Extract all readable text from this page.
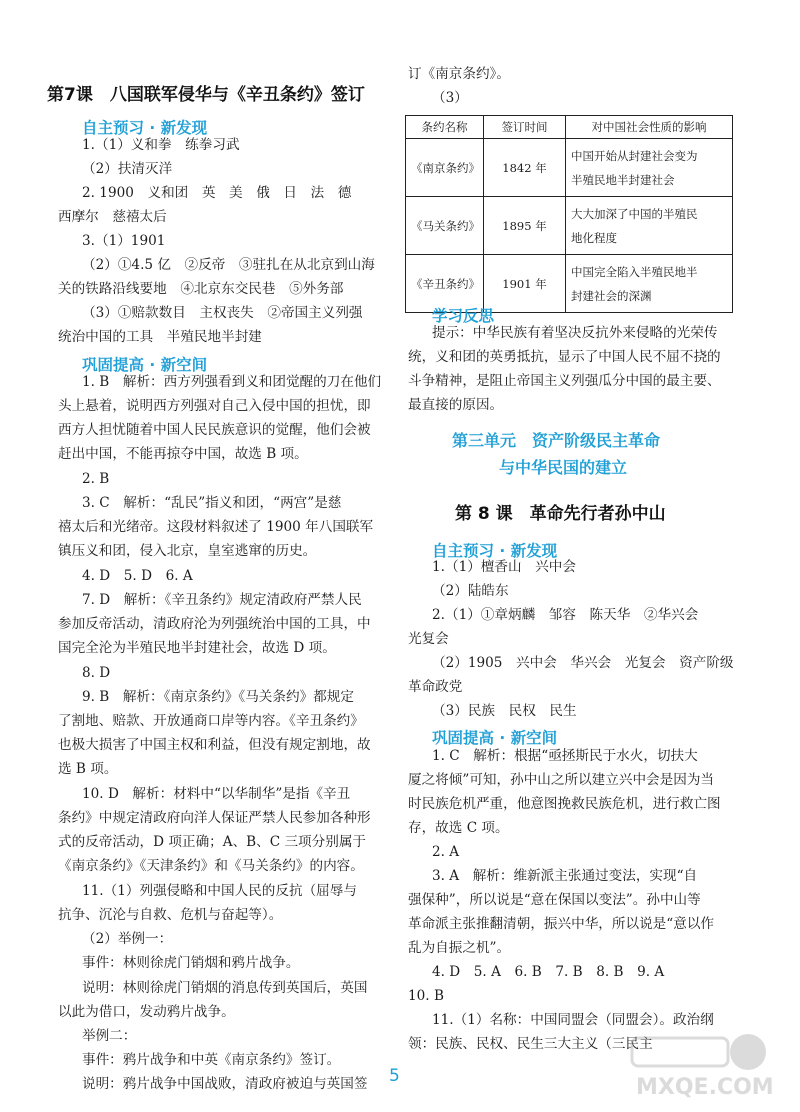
第7课　八国联军侵华与《辛丑条约》签订
自主预习 · 新发现
1.（1）义和拳　练拳习武
（2）扶清灭洋
2. 1900　义和团　英　美　俄　日　法　德
西摩尔　慈禧太后
3.（1）1901
（2）①4.5 亿　②反帝　③驻扎在从北京到山海
关的铁路沿线要地　④北京东交民巷　⑤外务部
（3）①赔款数目　主权丧失　②帝国主义列强
统治中国的工具　半殖民地半封建
巩固提高 · 新空间
1. B　解析：西方列强看到义和团觉醒的刀在他们
头上悬着，说明西方列强对自己入侵中国的担忧，即
西方人担忧随着中国人民民族意识的觉醒，他们会被
赶出中国，不能再掠夺中国，故选 B 项。
2. B
3. C　解析：“乱民”指义和团，“两宫”是慈
禧太后和光绪帝。这段材料叙述了 1900 年八国联军
镇压义和团，侵入北京，皇室逃窜的历史。
4. D　5. D　6. A
7. D　解析：《辛丑条约》规定清政府严禁人民
参加反帝活动，清政府沦为列强统治中国的工具，中
国完全沦为半殖民地半封建社会，故选 D 项。
8. D
9. B　解析：《南京条约》《马关条约》都规定
了割地、赔款、开放通商口岸等内容。《辛丑条约》
也极大损害了中国主权和利益，但没有规定割地，故
选 B 项。
10. D　解析：材料中“以华制华”是指《辛丑
条约》中规定清政府向洋人保证严禁人民参加各种形
式的反帝活动，D 项正确；A、B、C 三项分别属于
《南京条约》《天津条约》和《马关条约》的内容。
11.（1）列强侵略和中国人民的反抗（屈辱与
抗争、沉沦与自救、危机与奋起等）。
（2）举例一：
事件：林则徐虎门销烟和鸦片战争。
说明：林则徐虎门销烟的消息传到英国后，英国
以此为借口，发动鸦片战争。
举例二：
事件：鸦片战争和中英《南京条约》签订。
说明：鸦片战争中国战败，清政府被迫与英国签
订《南京条约》。
（3）
条约名称	签订时间	对中国社会性质的影响
《南京条约》	1842 年	中国开始从封建社会变为
半殖民地半封建社会

《马关条约》	1895 年	大大加深了中国的半殖民
地化程度

《辛丑条约》	1901 年	中国完全陷入半殖民地半
封建社会的深渊
学习反思
提示：中华民族有着坚决反抗外来侵略的光荣传
统，义和团的英勇抵抗，显示了中国人民不屈不挠的
斗争精神，是阻止帝国主义列强瓜分中国的最主要、
最直接的原因。
第三单元　资产阶级民主革命
与中华民国的建立
第 8 课　革命先行者孙中山
自主预习 · 新发现
1.（1）檀香山　兴中会
（2）陆皓东
2.（1）①章炳麟　邹容　陈天华　②华兴会
光复会
（2）1905　兴中会　华兴会　光复会　资产阶级
革命政党
（3）民族　民权　民生
巩固提高 · 新空间
1. C　解析：根据“亟拯斯民于水火，切扶大
厦之将倾”可知，孙中山之所以建立兴中会是因为当
时民族危机严重，他意图挽救民族危机，进行救亡图
存，故选 C 项。
2. A
3. A　解析：维新派主张通过变法，实现“自
强保种”，所以说是“意在保国以变法”。孙中山等
革命派主张推翻清朝，振兴中华，所以说是“意以作
乱为自振之机”。
4. D　5. A　6. B　7. B　8. B　9. A
10. B
11.（1）名称：中国同盟会（同盟会）。政治纲
领：民族、民权、民生三大主义（三民主
5	MXQE.COM
